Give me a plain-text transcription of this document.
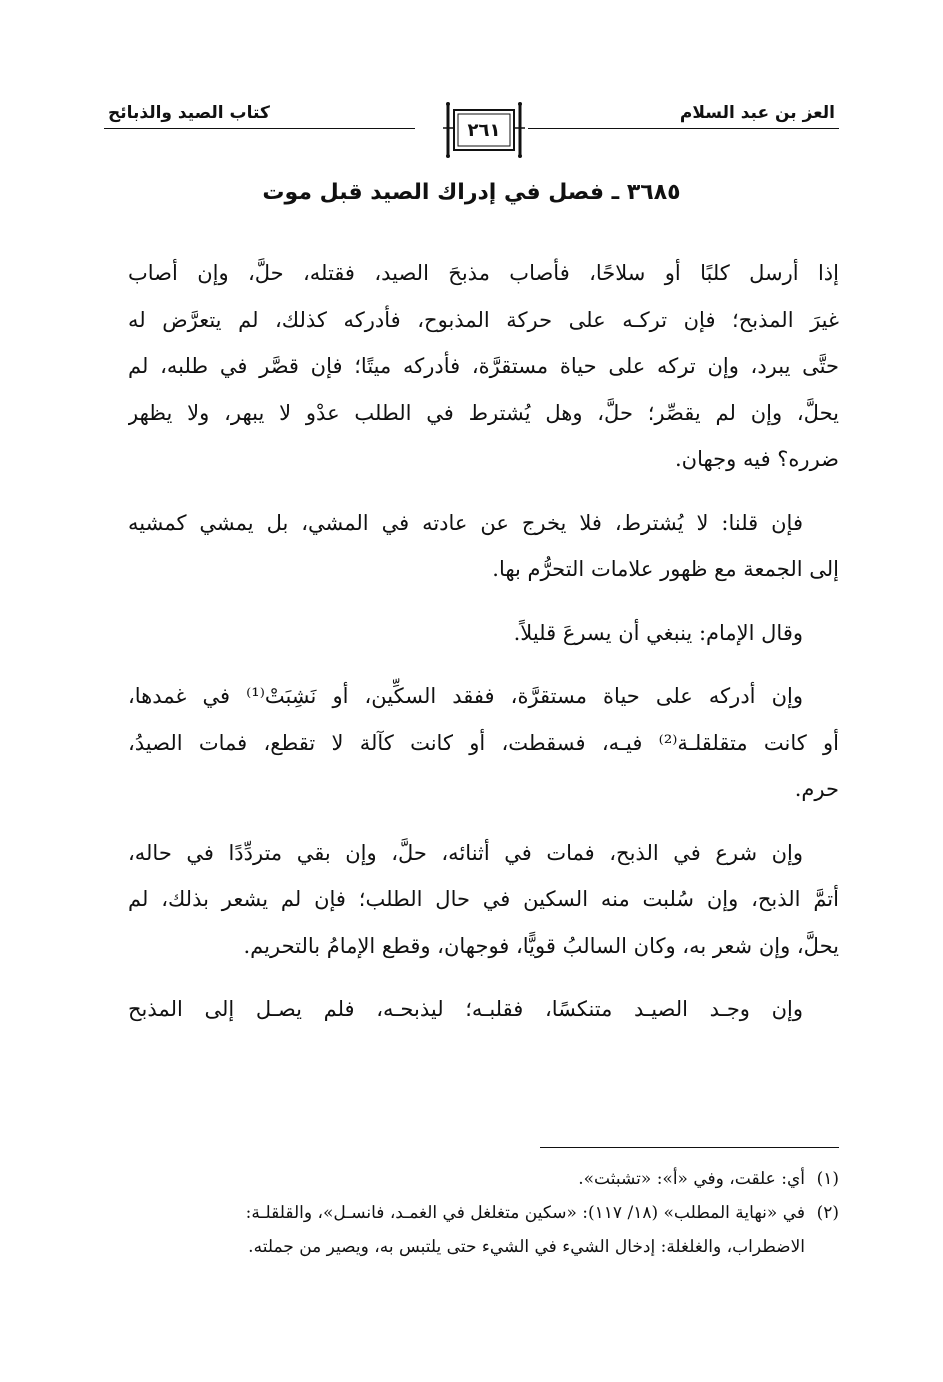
العز بن عبد السلام
كتاب الصيد والذبائح
٢٦١
٣٦٨٥ ـ فصل في إدراك الصيد قبل موت
إذا أرسل كلبًا أو سلاحًا، فأصاب مذبحَ الصيد، فقتله، حلَّ، وإن أصاب
غيرَ المذبح؛ فإن تركـه على حركة المذبوح، فأدركه كذلك، لم يتعرَّض له
حتَّى يبرد، وإن تركه على حياة مستقرَّة، فأدركه ميتًا؛ فإن قصَّر في طلبه، لم
يحلَّ، وإن لم يقصِّر؛ حلَّ، وهل يُشترط في الطلب عدْو لا يبهر، ولا يظهر
ضرره؟ فيه وجهان.
فإن قلنا: لا يُشترط، فلا يخرج عن عادته في المشي، بل يمشي كمشيه
إلى الجمعة مع ظهور علامات التحرُّم بها.
وقال الإمام: ينبغي أن يسرعَ قليلاً.
وإن أدركه على حياة مستقرَّة، ففقد السكِّين، أو نَشِبَتْ⁽¹⁾ في غمدها،
أو كانت متقلقلـة⁽²⁾ فيـه، فسقطت، أو كانت كآلة لا تقطع، فمات الصيدُ،
حرم.
وإن شرع في الذبح، فمات في أثنائه، حلَّ، وإن بقي متردِّدًا في حاله،
أتمَّ الذبح، وإن سُلبت منه السكين في حال الطلب؛ فإن لم يشعر بذلك، لم
يحلَّ، وإن شعر به، وكان السالبُ قويًّا، فوجهان، وقطع الإمامُ بالتحريم.
وإن وجـد الصيـد متنكسًا، فقلبـه؛ ليذبحـه، فلم يصـل إلى المذبح
(١)أي: علقت، وفي «أ»: «تشبثت».
(٢)في «نهاية المطلب» (١٨/ ١١٧): «سكين متغلغل في الغمـد، فانسـل»، والقلقلـة:
الاضطراب، والغلغلة: إدخال الشيء في الشيء حتى يلتبس به، ويصير من جملته.
